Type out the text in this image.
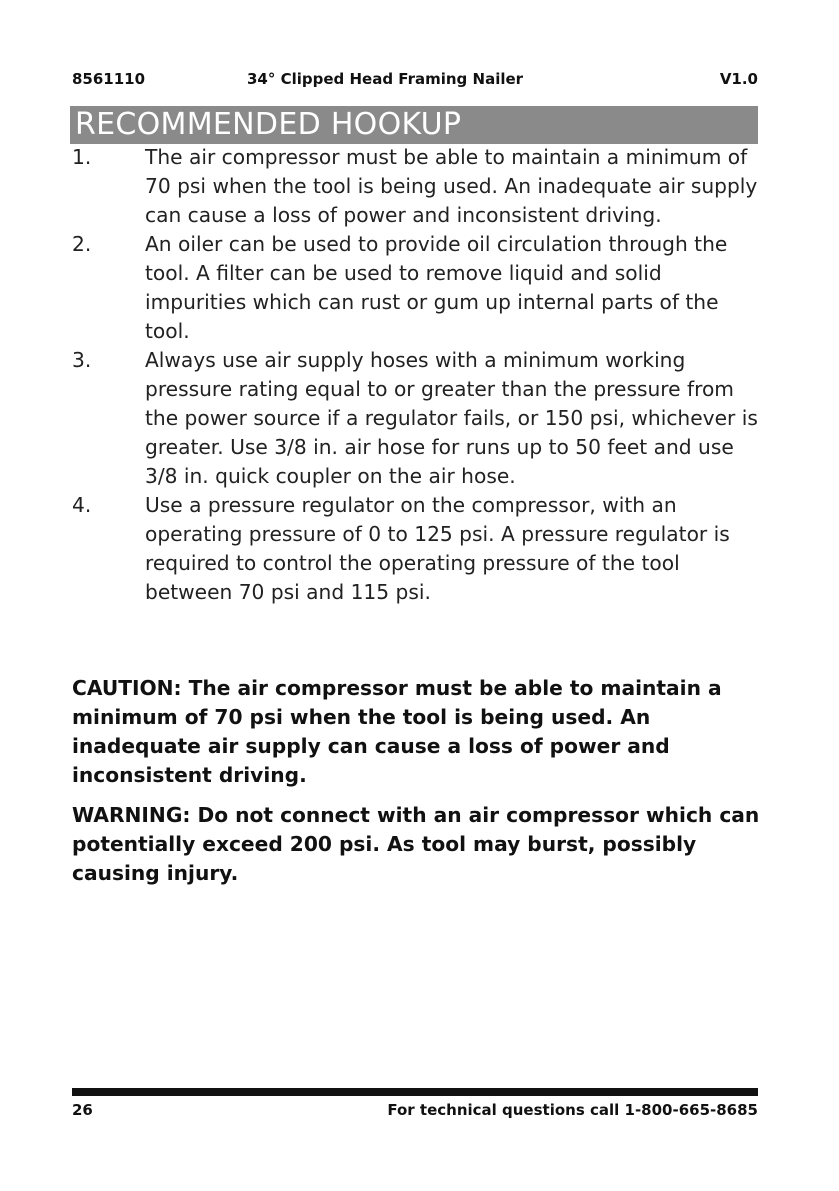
8561110	34° Clipped Head Framing Nailer	V1.0
RECOMMENDED HOOKUP
1.	The air compressor must be able to maintain a minimum of 70 psi when the tool is being used. An inadequate air supply can cause a loss of power and inconsistent driving.
2.	An oiler can be used to provide oil circulation through the tool. A filter can be used to remove liquid and solid impurities which can rust or gum up internal parts of the tool.
3.	Always use air supply hoses with a minimum working pressure rating equal to or greater than the pressure from the power source if a regulator fails, or 150 psi, whichever is greater. Use 3/8 in. air hose for runs up to 50 feet and use 3/8 in. quick coupler on the air hose.
4.	Use a pressure regulator on the compressor, with an operating pressure of 0 to 125 psi. A pressure regulator is required to control the operating pressure of the tool between 70 psi and 115 psi.

CAUTION: The air compressor must be able to maintain a minimum of 70 psi when the tool is being used. An inadequate air supply can cause a loss of power and inconsistent driving.

WARNING: Do not connect with an air compressor which can potentially exceed 200 psi. As tool may burst, possibly causing injury.

26	For technical questions call 1-800-665-8685
